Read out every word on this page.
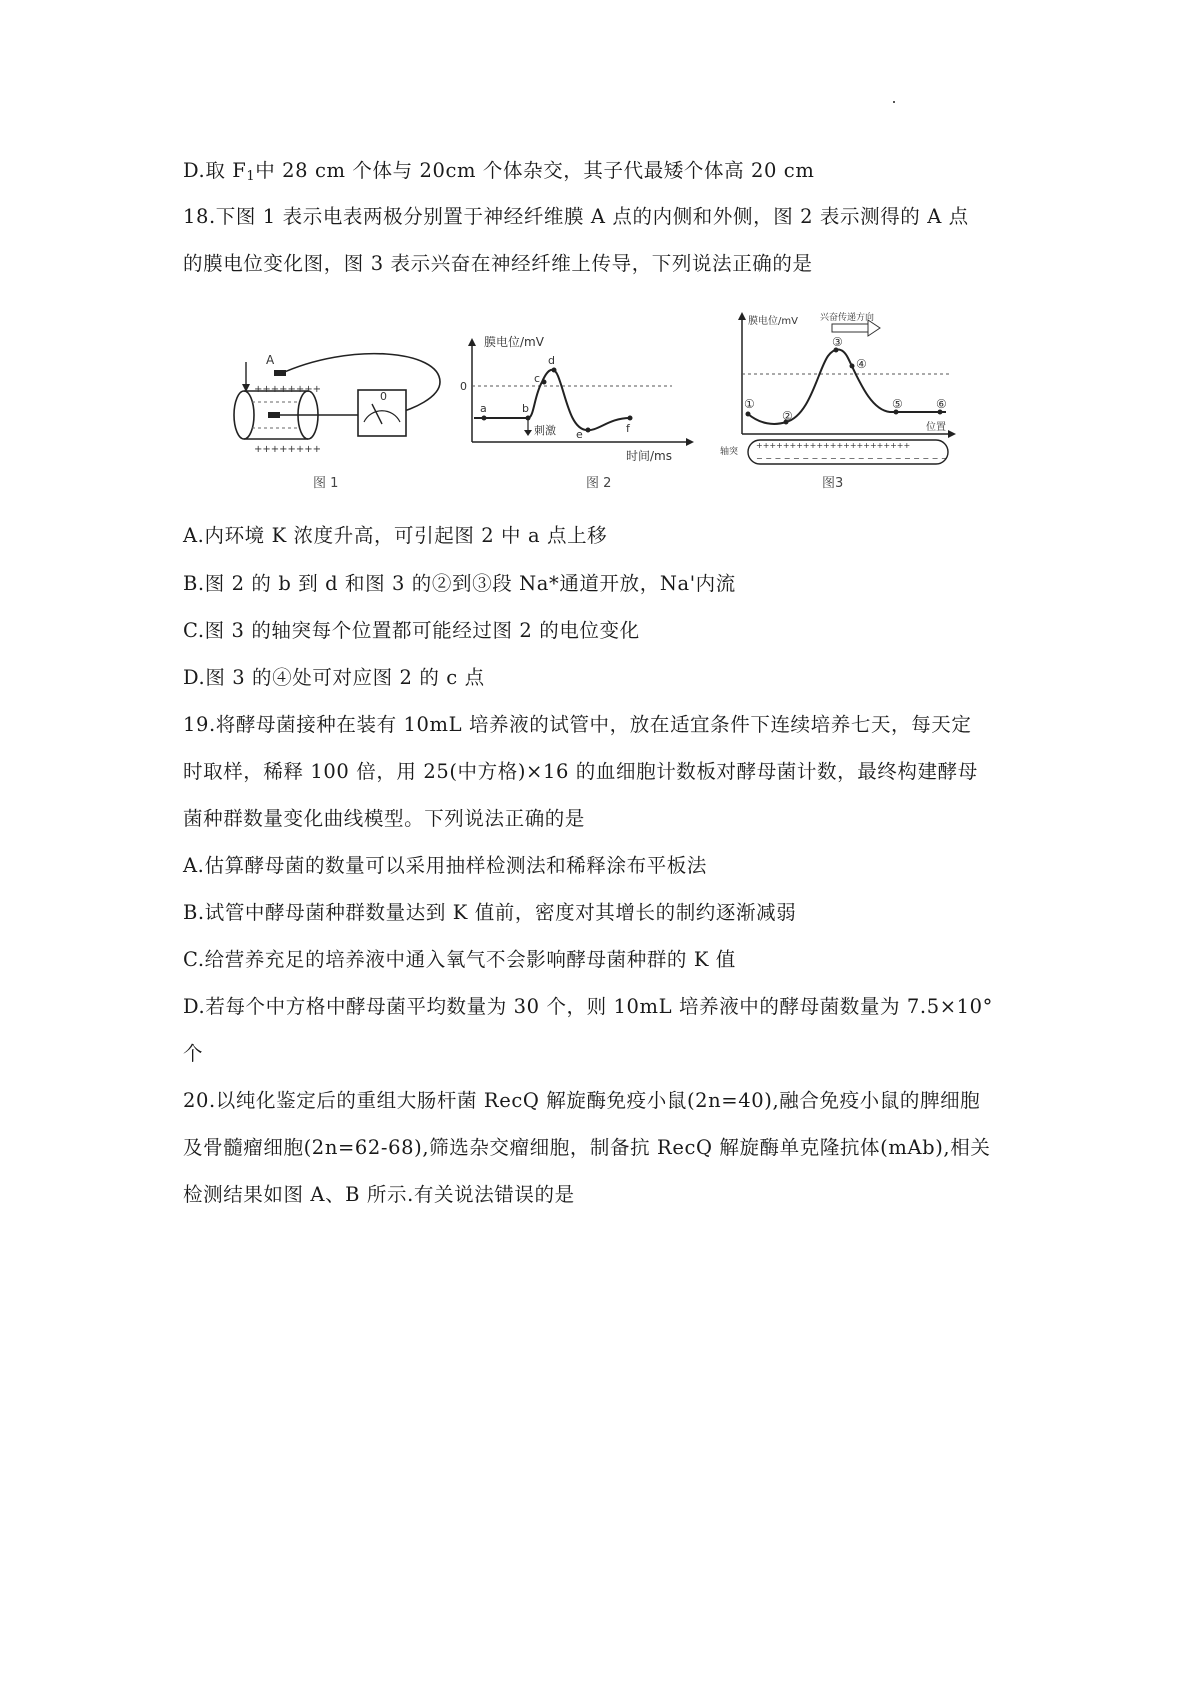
D.取 $F_1$中 28 cm 个体与 20cm 个体杂交，其子代最矮个体高 20 cm
18.下图 1 表示电表两极分别置于神经纤维膜 A 点的内侧和外侧，图 2 表示测得的 A 点
的膜电位变化图，图 3 表示兴奋在神经纤维上传导，下列说法正确的是
0
A
++++++++
++++++++
图 1
膜电位/mV
时间/ms
0
刺激
a	b
c
d
e	f
图 2
膜电位/mV 兴奋传递方向
位置
①
②
③
④
⑤	⑥
轴突
+++++++++++++++++++++++
− − − − − − − − − − − − − − − − − − − − −
图3
A.内环境 K 浓度升高，可引起图 2 中 a 点上移
B.图 2 的 b 到 d 和图 3 的②到③段 Na*通道开放，Na'内流
C.图 3 的轴突每个位置都可能经过图 2 的电位变化
D.图 3 的④处可对应图 2 的 c 点
19.将酵母菌接种在装有 10mL 培养液的试管中，放在适宜条件下连续培养七天，每天定
时取样，稀释 100 倍，用 25(中方格)×16 的血细胞计数板对酵母菌计数，最终构建酵母
菌种群数量变化曲线模型。下列说法正确的是
A.估算酵母菌的数量可以采用抽样检测法和稀释涂布平板法
B.试管中酵母菌种群数量达到 K 值前，密度对其增长的制约逐渐减弱
C.给营养充足的培养液中通入氧气不会影响酵母菌种群的 K 值
D.若每个中方格中酵母菌平均数量为 30 个，则 10mL 培养液中的酵母菌数量为 7.5×10°
个
20.以纯化鉴定后的重组大肠杆菌 RecQ 解旋酶免疫小鼠(2n=40),融合免疫小鼠的脾细胞
及骨髓瘤细胞(2n=62-68),筛选杂交瘤细胞，制备抗 RecQ 解旋酶单克隆抗体(mAb),相关
检测结果如图 A、B 所示.有关说法错误的是
